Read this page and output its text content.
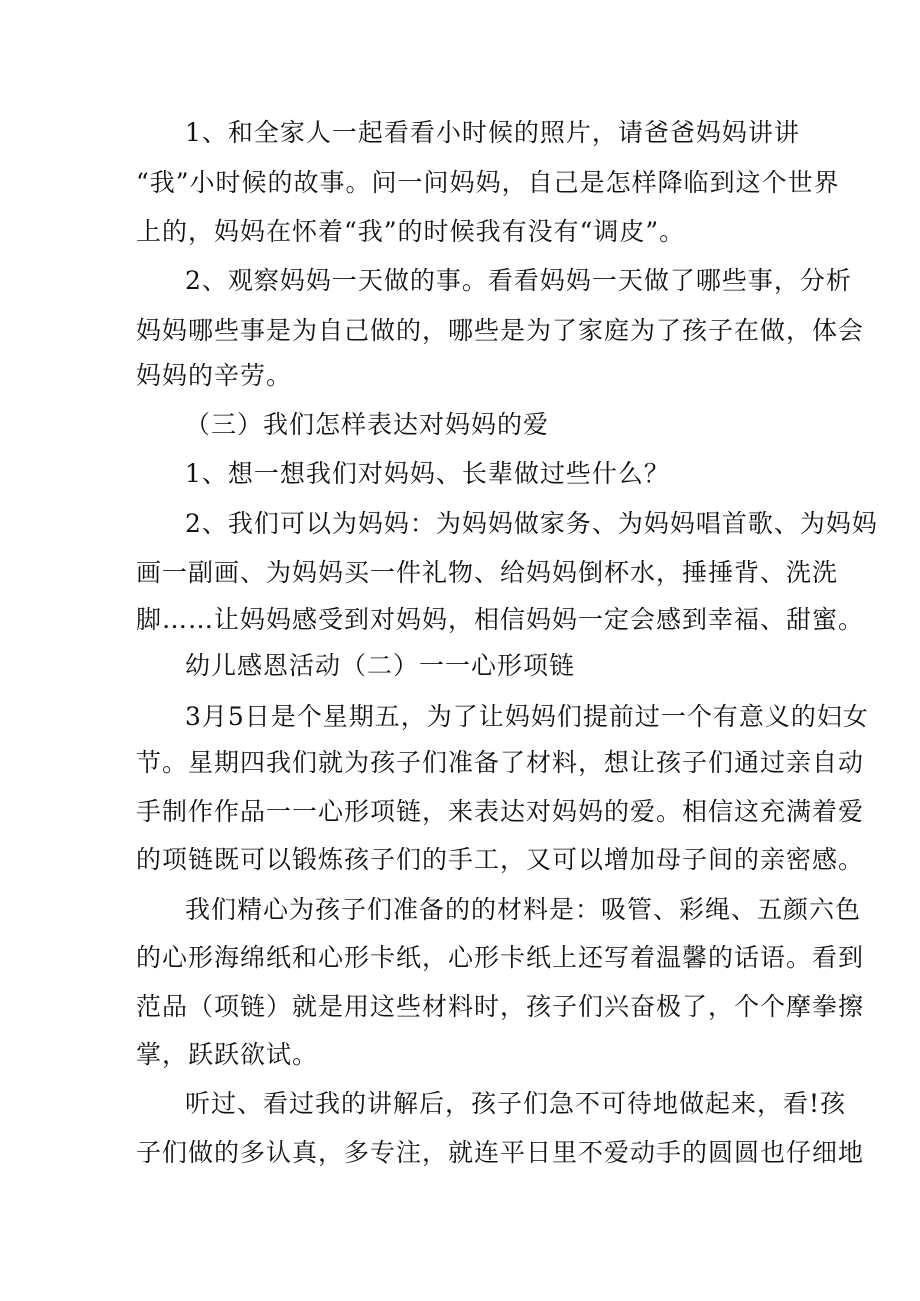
1、和全家人一起看看小时候的照片，请爸爸妈妈讲讲
“我”小时候的故事。问一问妈妈，自己是怎样降临到这个世界
上的，妈妈在怀着“我”的时候我有没有“调皮”。
2、观察妈妈一天做的事。看看妈妈一天做了哪些事，分析
妈妈哪些事是为自己做的，哪些是为了家庭为了孩子在做，体会
妈妈的辛劳。
（三）我们怎样表达对妈妈的爱
1、想一想我们对妈妈、长辈做过些什么？
2、我们可以为妈妈：为妈妈做家务、为妈妈唱首歌、为妈妈
画一副画、为妈妈买一件礼物、给妈妈倒杯水，捶捶背、洗洗
脚……让妈妈感受到对妈妈，相信妈妈一定会感到幸福、甜蜜。
幼儿感恩活动（二）一一心形项链
3月5日是个星期五，为了让妈妈们提前过一个有意义的妇女
节。星期四我们就为孩子们准备了材料，想让孩子们通过亲自动
手制作作品一一心形项链，来表达对妈妈的爱。相信这充满着爱
的项链既可以锻炼孩子们的手工，又可以增加母子间的亲密感。
我们精心为孩子们准备的的材料是：吸管、彩绳、五颜六色
的心形海绵纸和心形卡纸，心形卡纸上还写着温馨的话语。看到
范品（项链）就是用这些材料时，孩子们兴奋极了，个个摩拳擦
掌，跃跃欲试。
听过、看过我的讲解后，孩子们急不可待地做起来，看!孩
子们做的多认真，多专注，就连平日里不爱动手的圆圆也仔细地
